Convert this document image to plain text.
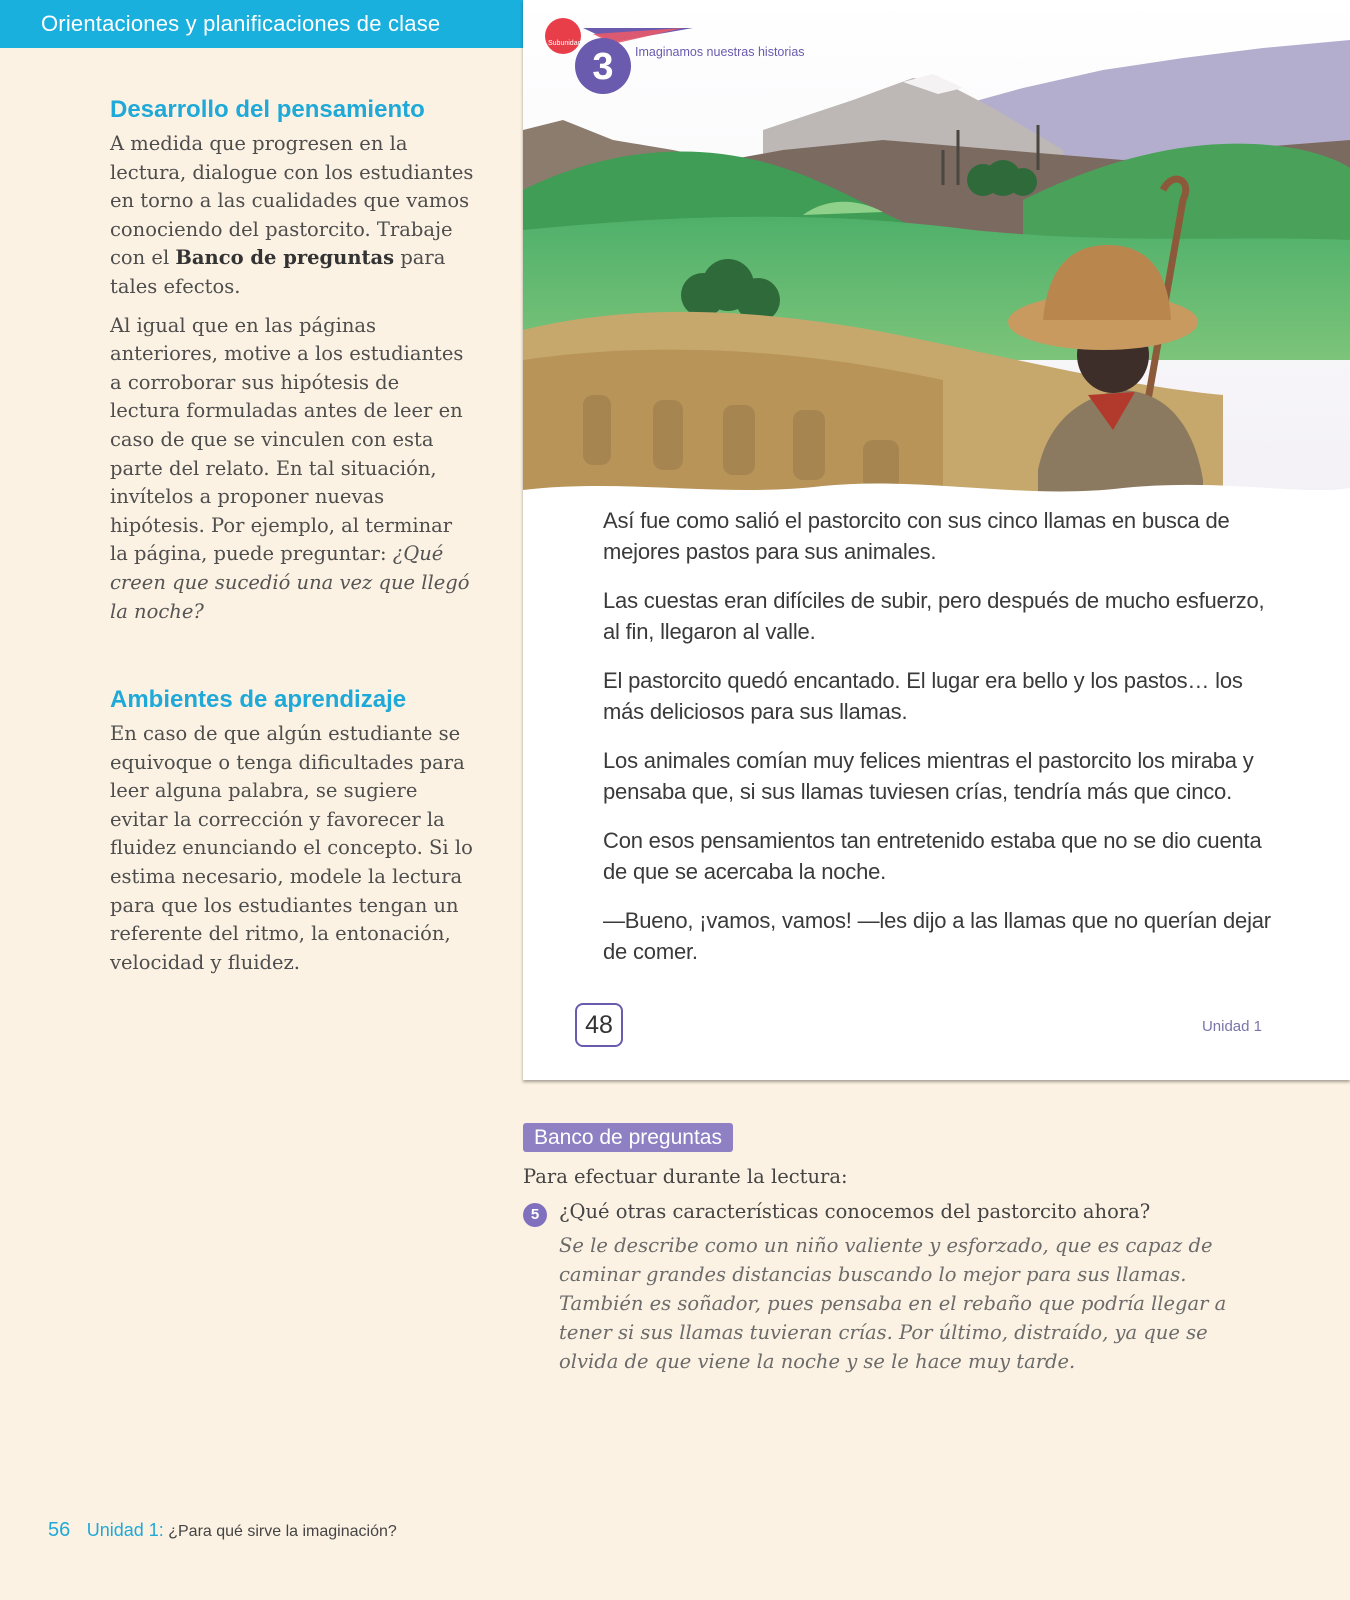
Orientaciones y planificaciones de clase
Desarrollo del pensamiento

A medida que progresen en la lectura, dialogue con los estudiantes en torno a las cualidades que vamos conociendo del pastorcito. Trabaje con el Banco de preguntas para tales efectos.

Al igual que en las páginas anteriores, motive a los estudiantes a corroborar sus hipótesis de lectura formuladas antes de leer en caso de que se vinculen con esta parte del relato. En tal situación, invítelos a proponer nuevas hipótesis. Por ejemplo, al terminar la página, puede preguntar: ¿Qué creen que sucedió una vez que llegó la noche?

Ambientes de aprendizaje

En caso de que algún estudiante se equivoque o tenga dificultades para leer alguna palabra, se sugiere evitar la corrección y favorecer la fluidez enunciando el concepto. Si lo estima necesario, modele la lectura para que los estudiantes tengan un referente del ritmo, la entonación, velocidad y fluidez.

Subunidad
3	Imaginamos nuestras historias

Así fue como salió el pastorcito con sus cinco llamas en busca de mejores pastos para sus animales.

Las cuestas eran difíciles de subir, pero después de mucho esfuerzo, al fin, llegaron al valle.

El pastorcito quedó encantado. El lugar era bello y los pastos… los más deliciosos para sus llamas.

Los animales comían muy felices mientras el pastorcito los miraba y pensaba que, si sus llamas tuviesen crías, tendría más que cinco.

Con esos pensamientos tan entretenido estaba que no se dio cuenta de que se acercaba la noche.

—Bueno, ¡vamos, vamos! —les dijo a las llamas que no querían dejar de comer.

48	Unidad 1
Banco de preguntas
Para efectuar durante la lectura:
5	¿Qué otras características conocemos del pastorcito ahora?
Se le describe como un niño valiente y esforzado, que es capaz de caminar grandes distancias buscando lo mejor para sus llamas. También es soñador, pues pensaba en el rebaño que podría llegar a tener si sus llamas tuvieran crías. Por último, distraído, ya que se olvida de que viene la noche y se le hace muy tarde.
56 Unidad 1: ¿Para qué sirve la imaginación?
